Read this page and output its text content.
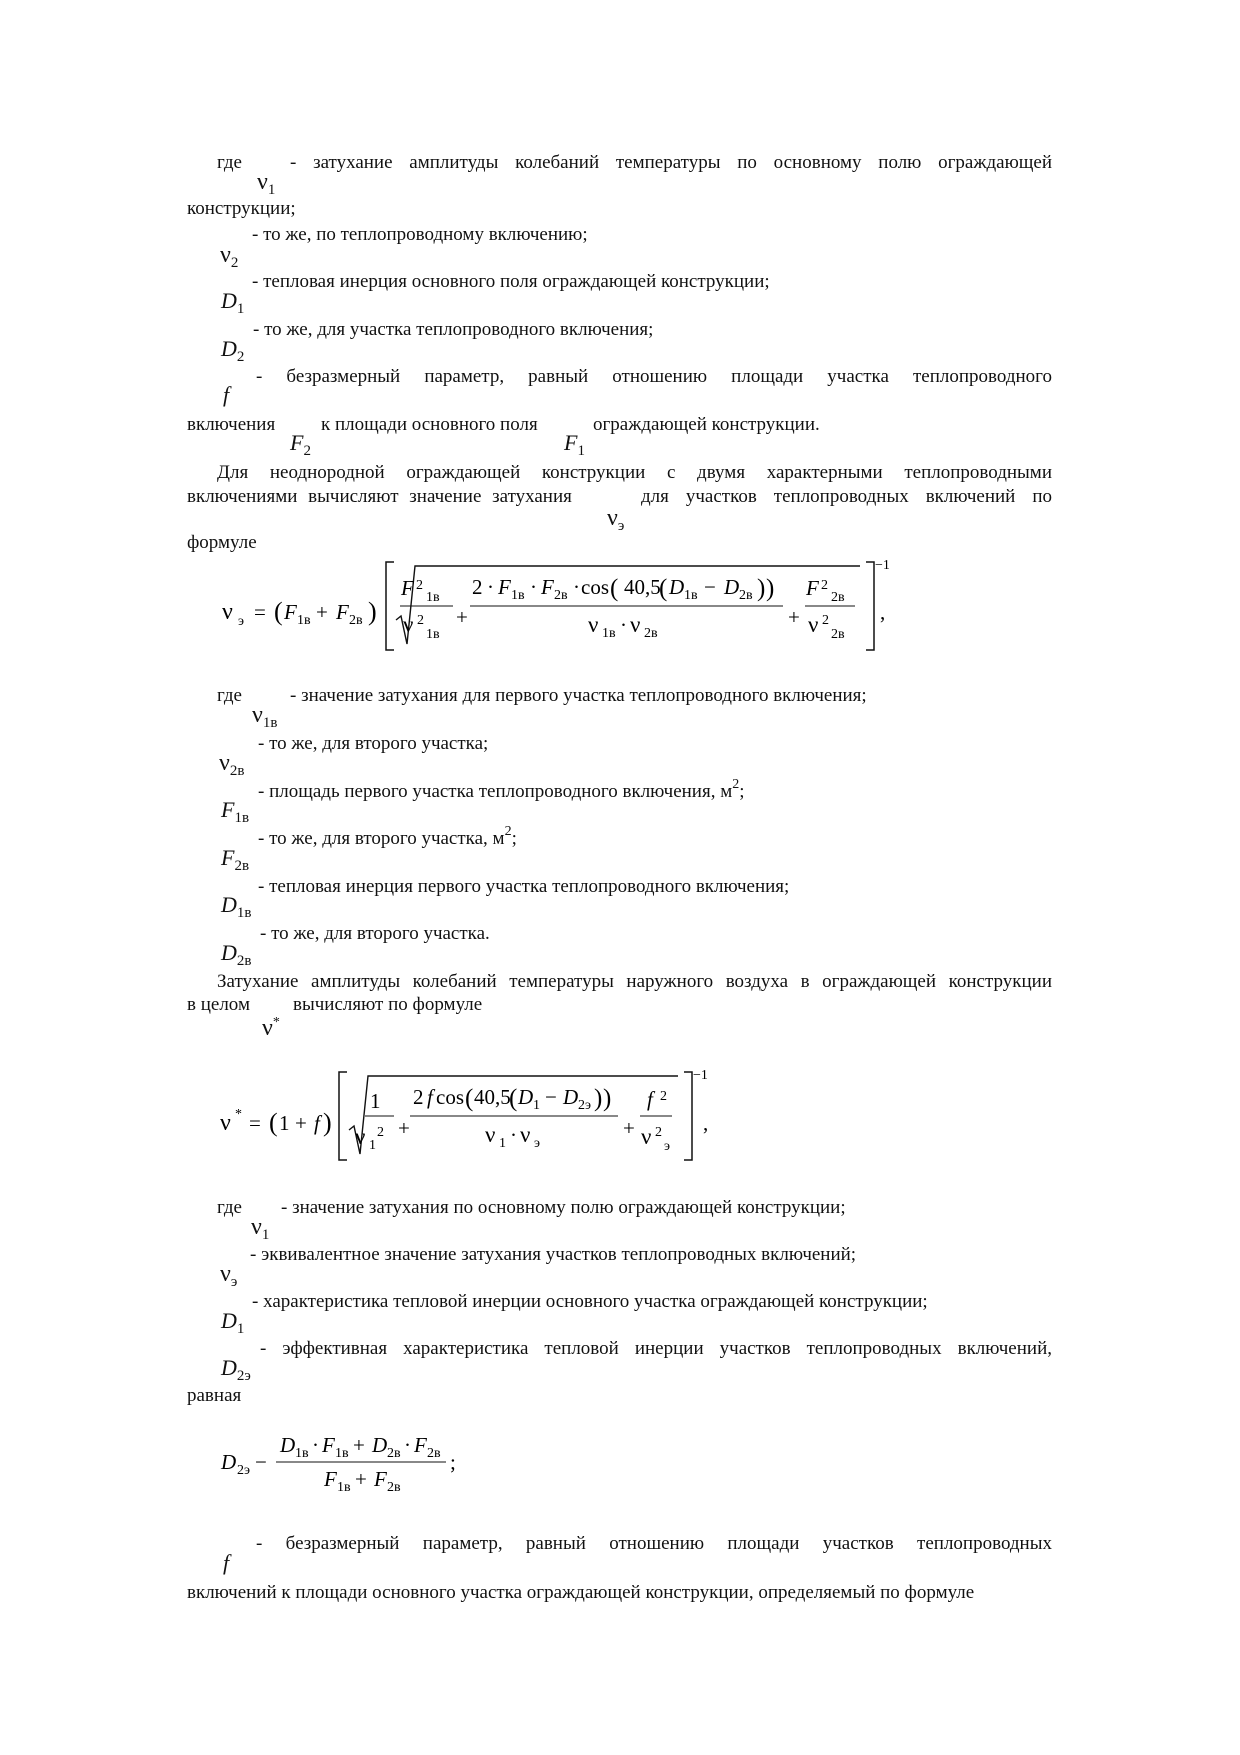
где	- затухание амплитуды колебаний температуры по основному полю ограждающей
$\nu_1$
конструкции;
- то же, по теплопроводному включению;
$\nu_2$
- тепловая инерция основного поля ограждающей конструкции;
$D_1$
- то же, для участка теплопроводного включения;
$D_2$
- безразмерный параметр, равный отношению площади участка теплопроводного
f
включения к площади основного поля	ограждающей конструкции.
$F_2$	$F_1$
Для неоднородной ограждающей конструкции с двумя характерными теплопроводными
включениями вычисляют значение затухания	для участков теплопроводных включений по
$\nu_э$
формуле
ν э = ( F 1в + F 2в )
F 2
1в
ν 2
1в
+
2 · F 1в · F 2в · cos ( 40,5
( D 1в − D 2в ) )
ν 1в · ν 2в
+
F 2
2в
ν 2
2в
−1
,
где	- значение затухания для первого участка теплопроводного включения;
$\nu_{1в}$
- то же, для второго участка;
$\nu_{2в}$
- площадь первого участка теплопроводного включения, $м^2$;
$F_{1в}$
- то же, для второго участка, $м^2$;
$F_{2в}$
- тепловая инерция первого участка теплопроводного включения;
$D_{1в}$
- то же, для второго участка.
$D_{2в}$
Затухание амплитуды колебаний температуры наружного воздуха в ограждающей конструкции
в целом вычисляют по формуле
ν*
ν * = ( 1 + f )
1
ν 1
2 +
2 f cos ( 40,5
( D 1 − D 2э ) )
ν 1 · ν э
+
f 2
ν 2
э
−1
,
где - значение затухания по основному полю ограждающей конструкции;
$\nu_1$
- эквивалентное значение затухания участков теплопроводных включений;
$\nu_э$
- характеристика тепловой инерции основного участка ограждающей конструкции;
$D_1$
- эффективная характеристика тепловой инерции участков теплопроводных включений,
$D_{2э}$
равная
D 2э −
D 1в · F 1в + D 2в · F 2в
F 1в + F 2в
;
- безразмерный параметр, равный отношению площади участков теплопроводных
f
включений к площади основного участка ограждающей конструкции, определяемый по формуле
